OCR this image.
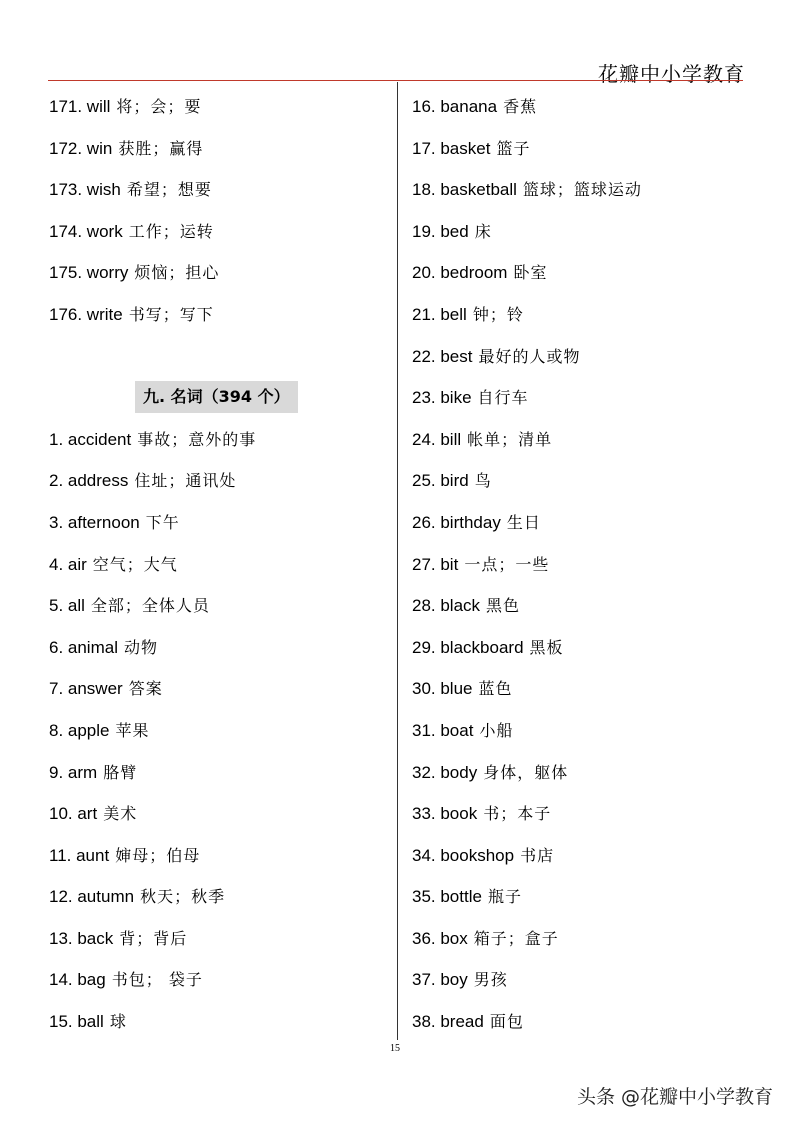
花瓣中小学教育
171. will 将；会；要
172. win 获胜；赢得
173. wish 希望；想要
174. work 工作；运转
175. worry 烦恼；担心
176. write 书写；写下
九. 名词（394 个）
1. accident 事故；意外的事
2. address 住址；通讯处
3. afternoon 下午
4. air 空气；大气
5. all 全部；全体人员
6. animal 动物
7. answer 答案
8. apple 苹果
9. arm 胳臂
10. art 美术
11. aunt 婶母；伯母
12. autumn 秋天；秋季
13. back 背；背后
14. bag 书包； 袋子
15. ball 球
16. banana 香蕉
17. basket 篮子
18. basketball 篮球；篮球运动
19. bed 床
20. bedroom 卧室
21. bell 钟；铃
22. best 最好的人或物
23. bike 自行车
24. bill 帐单；清单
25. bird 鸟
26. birthday 生日
27. bit 一点；一些
28. black 黑色
29. blackboard 黑板
30. blue 蓝色
31. boat 小船
32. body 身体，躯体
33. book 书；本子
34. bookshop 书店
35. bottle 瓶子
36. box 箱子；盒子
37. boy 男孩
38. bread 面包
15
头条 @花瓣中小学教育
